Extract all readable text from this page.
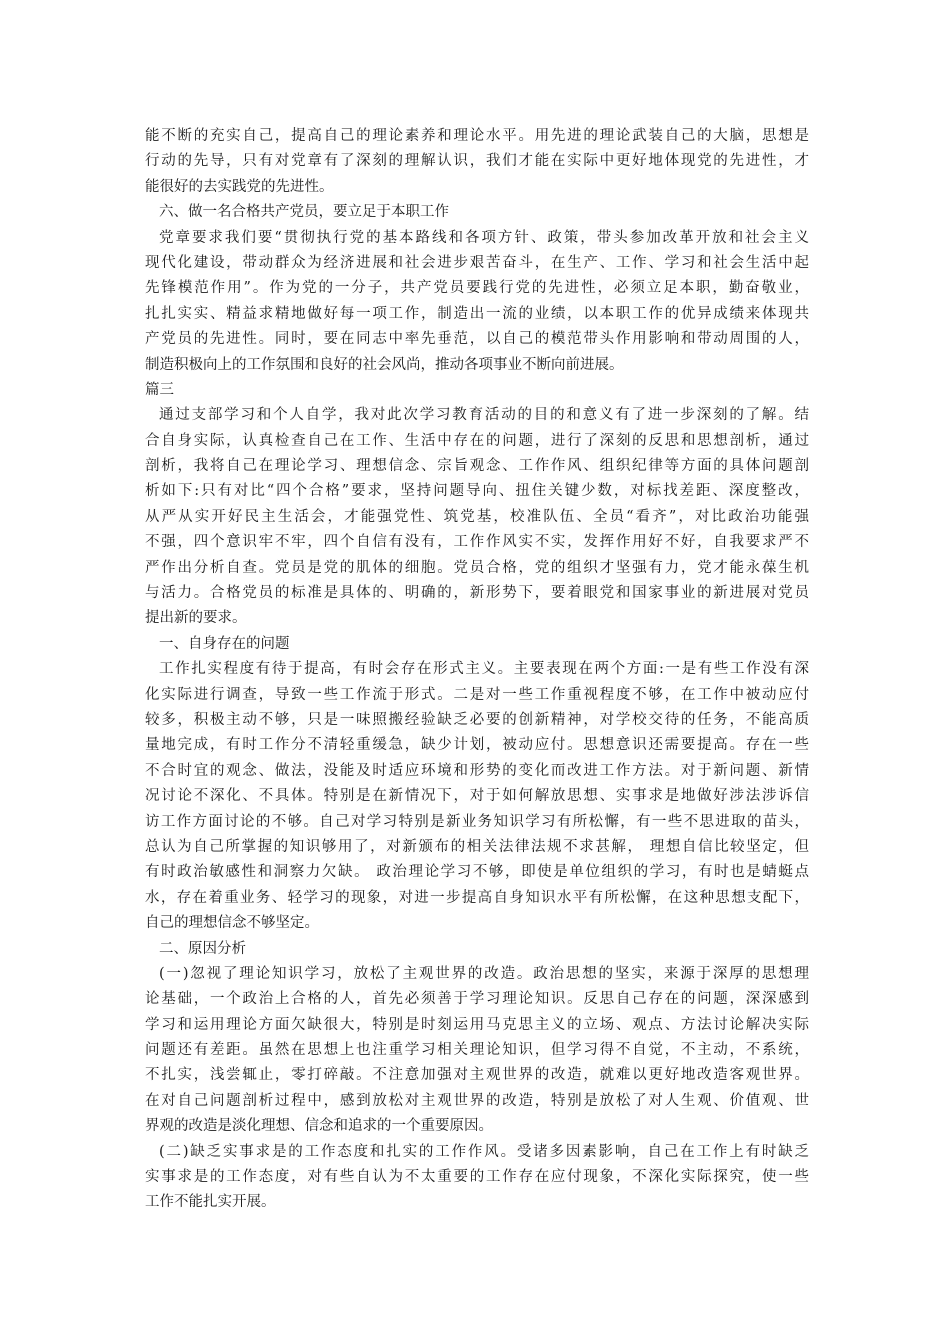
能不断的充实自己，提高自己的理论素养和理论水平。用先进的理论武装自己的大脑，思想是
行动的先导，只有对党章有了深刻的理解认识，我们才能在实际中更好地体现党的先进性，才
能很好的去实践党的先进性。
六、做一名合格共产党员，要立足于本职工作
党章要求我们要“贯彻执行党的基本路线和各项方针、政策，带头参加改革开放和社会主义
现代化建设，带动群众为经济进展和社会进步艰苦奋斗，在生产、工作、学习和社会生活中起
先锋模范作用”。作为党的一分子，共产党员要践行党的先进性，必须立足本职，勤奋敬业，
扎扎实实、精益求精地做好每一项工作，制造出一流的业绩，以本职工作的优异成绩来体现共
产党员的先进性。同时，要在同志中率先垂范，以自己的模范带头作用影响和带动周围的人，
制造积极向上的工作氛围和良好的社会风尚，推动各项事业不断向前进展。
篇三
通过支部学习和个人自学，我对此次学习教育活动的目的和意义有了进一步深刻的了解。结
合自身实际，认真检查自己在工作、生活中存在的问题，进行了深刻的反思和思想剖析，通过
剖析，我将自己在理论学习、理想信念、宗旨观念、工作作风、组织纪律等方面的具体问题剖
析如下:只有对比“四个合格”要求，坚持问题导向、扭住关键少数，对标找差距、深度整改，
从严从实开好民主生活会，才能强党性、筑党基，校准队伍、全员“看齐”，对比政治功能强
不强，四个意识牢不牢，四个自信有没有，工作作风实不实，发挥作用好不好，自我要求严不
严作出分析自查。党员是党的肌体的细胞。党员合格，党的组织才坚强有力，党才能永葆生机
与活力。合格党员的标准是具体的、明确的，新形势下，要着眼党和国家事业的新进展对党员
提出新的要求。
一、自身存在的问题
工作扎实程度有待于提高，有时会存在形式主义。主要表现在两个方面:一是有些工作没有深
化实际进行调查，导致一些工作流于形式。二是对一些工作重视程度不够，在工作中被动应付
较多，积极主动不够，只是一味照搬经验缺乏必要的创新精神，对学校交待的任务，不能高质
量地完成，有时工作分不清轻重缓急，缺少计划，被动应付。思想意识还需要提高。存在一些
不合时宜的观念、做法，没能及时适应环境和形势的变化而改进工作方法。对于新问题、新情
况讨论不深化、不具体。特别是在新情况下，对于如何解放思想、实事求是地做好涉法涉诉信
访工作方面讨论的不够。自己对学习特别是新业务知识学习有所松懈，有一些不思进取的苗头，
总认为自己所掌握的知识够用了，对新颁布的相关法律法规不求甚解， 理想自信比较坚定，但
有时政治敏感性和洞察力欠缺。 政治理论学习不够，即使是单位组织的学习，有时也是蜻蜓点
水，存在着重业务、轻学习的现象，对进一步提高自身知识水平有所松懈，在这种思想支配下，
自己的理想信念不够坚定。
二、原因分析
(一)忽视了理论知识学习，放松了主观世界的改造。政治思想的坚实，来源于深厚的思想理
论基础，一个政治上合格的人，首先必须善于学习理论知识。反思自己存在的问题，深深感到
学习和运用理论方面欠缺很大，特别是时刻运用马克思主义的立场、观点、方法讨论解决实际
问题还有差距。虽然在思想上也注重学习相关理论知识，但学习得不自觉，不主动，不系统，
不扎实，浅尝辄止，零打碎敲。不注意加强对主观世界的改造，就难以更好地改造客观世界。
在对自己问题剖析过程中，感到放松对主观世界的改造，特别是放松了对人生观、价值观、世
界观的改造是淡化理想、信念和追求的一个重要原因。
(二)缺乏实事求是的工作态度和扎实的工作作风。受诸多因素影响，自己在工作上有时缺乏
实事求是的工作态度，对有些自认为不太重要的工作存在应付现象，不深化实际探究，使一些
工作不能扎实开展。
